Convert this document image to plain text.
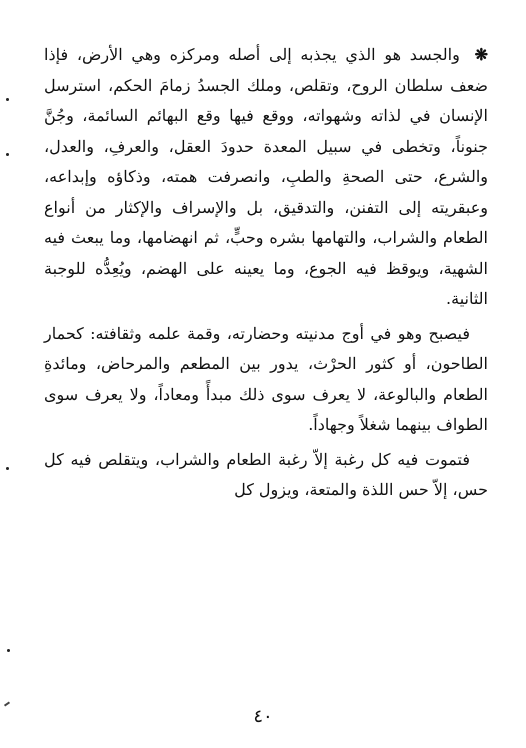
❋ والجسد هو الذي يجذبه إلى أصله ومركزه وهي الأرض، فإذا ضعف سلطان الروح، وتقلص، وملك الجسدُ زمامَ الحكم، استرسل الإنسان في لذاته وشهواته، ووقع فيها وقع البهائم السائمة، وجُنَّ جنوناً، وتخطى في سبيل المعدة حدودَ العقل، والعرفِ، والعدل، والشرع، حتى الصحةِ والطبِ، وانصرفت همته، وذكاؤه وإبداعه، وعبقريته إلى التفنن، والتدقيق، بل والإسراف والإكثار من أنواع الطعام والشراب، والتهامها بشره وحبٍّ، ثم انهضامها، وما يبعث فيه الشهية، ويوقظ فيه الجوع، وما يعينه على الهضم، ويُعِدُّه للوجبة الثانية.

فيصبح وهو في أوج مدنيته وحضارته، وقمة علمه وثقافته: كحمار الطاحون، أو كثور الحرْث، يدور بين المطعم والمرحاض، ومائدةِ الطعام والبالوعة، لا يعرف سوى ذلك مبدأً ومعاداً، ولا يعرف سوى الطواف بينهما شغلاً وجهاداً.

فتموت فيه كل رغبة إلاّ رغبة الطعام والشراب، ويتقلص فيه كل حس، إلاّ حس اللذة والمتعة، ويزول كل

٤٠
